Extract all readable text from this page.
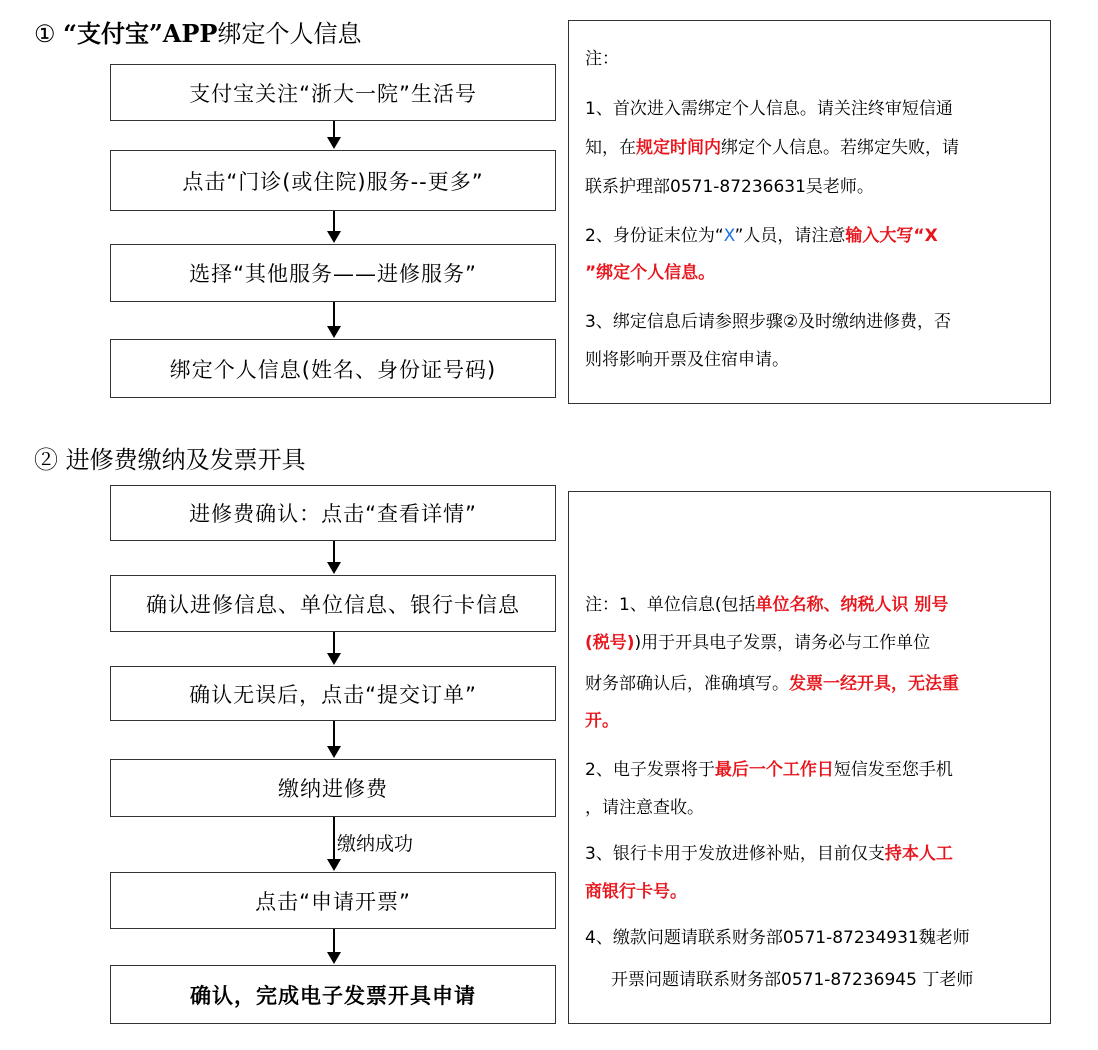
① “支付宝”APP绑定个人信息
支付宝关注“浙大一院”生活号
点击“门诊(或住院)服务--更多”
选择“其他服务——进修服务”
绑定个人信息(姓名、身份证号码)
注：
1、首次进入需绑定个人信息。请关注终审短信通
知，在规定时间内绑定个人信息。若绑定失败，请
联系护理部0571-87236631吴老师。
2、身份证末位为“X”人员，请注意输入大写“X
”绑定个人信息。
3、绑定信息后请参照步骤②及时缴纳进修费，否
则将影响开票及住宿申请。
② 进修费缴纳及发票开具
进修费确认：点击“查看详情”
确认进修信息、单位信息、银行卡信息
确认无误后，点击“提交订单”
缴纳进修费
缴纳成功
点击“申请开票”
确认，完成电子发票开具申请
注：1、单位信息(包括单位名称、纳税人识 别号
(税号))用于开具电子发票，请务必与工作单位
财务部确认后，准确填写。发票一经开具，无法重
开。
2、电子发票将于最后一个工作日短信发至您手机
，请注意查收。
3、银行卡用于发放进修补贴，目前仅支持本人工
商银行卡号。
4、缴款问题请联系财务部0571-87234931魏老师
开票问题请联系财务部0571-87236945 丁老师
